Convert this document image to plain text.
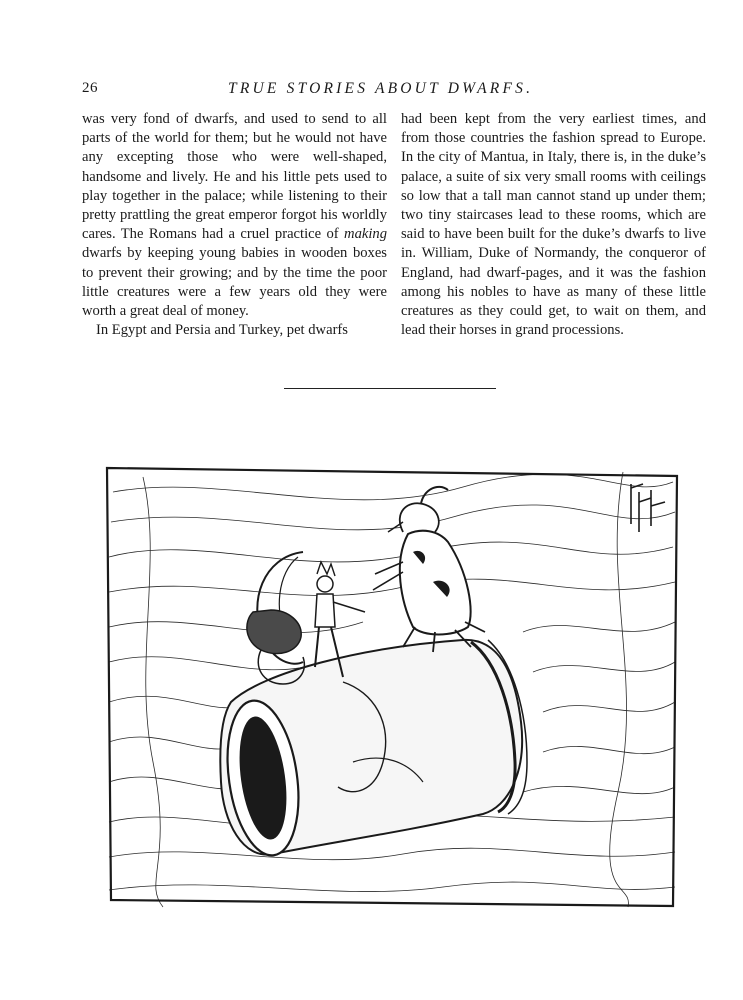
26	TRUE STORIES ABOUT DWARFS.

was very fond of dwarfs, and used to send to all parts of the world for them; but he would not have any excepting those who were well-shaped, handsome and lively. He and his little pets used to play together in the palace; while listening to their pretty prattling the great emperor forgot his worldly cares. The Romans had a cruel practice of making dwarfs by keeping young babies in wooden boxes to prevent their growing; and by the time the poor little creatures were a few years old they were worth a great deal of money.

In Egypt and Persia and Turkey, pet dwarfs

had been kept from the very earliest times, and from those countries the fashion spread to Europe. In the city of Mantua, in Italy, there is, in the duke’s palace, a suite of six very small rooms with ceilings so low that a tall man cannot stand up under them; two tiny staircases lead to these rooms, which are said to have been built for the duke’s dwarfs to live in. William, Duke of Normandy, the conqueror of England, had dwarf-pages, and it was the fashion among his nobles to have as many of these little creatures as they could get, to wait on them, and lead their horses in grand processions.
